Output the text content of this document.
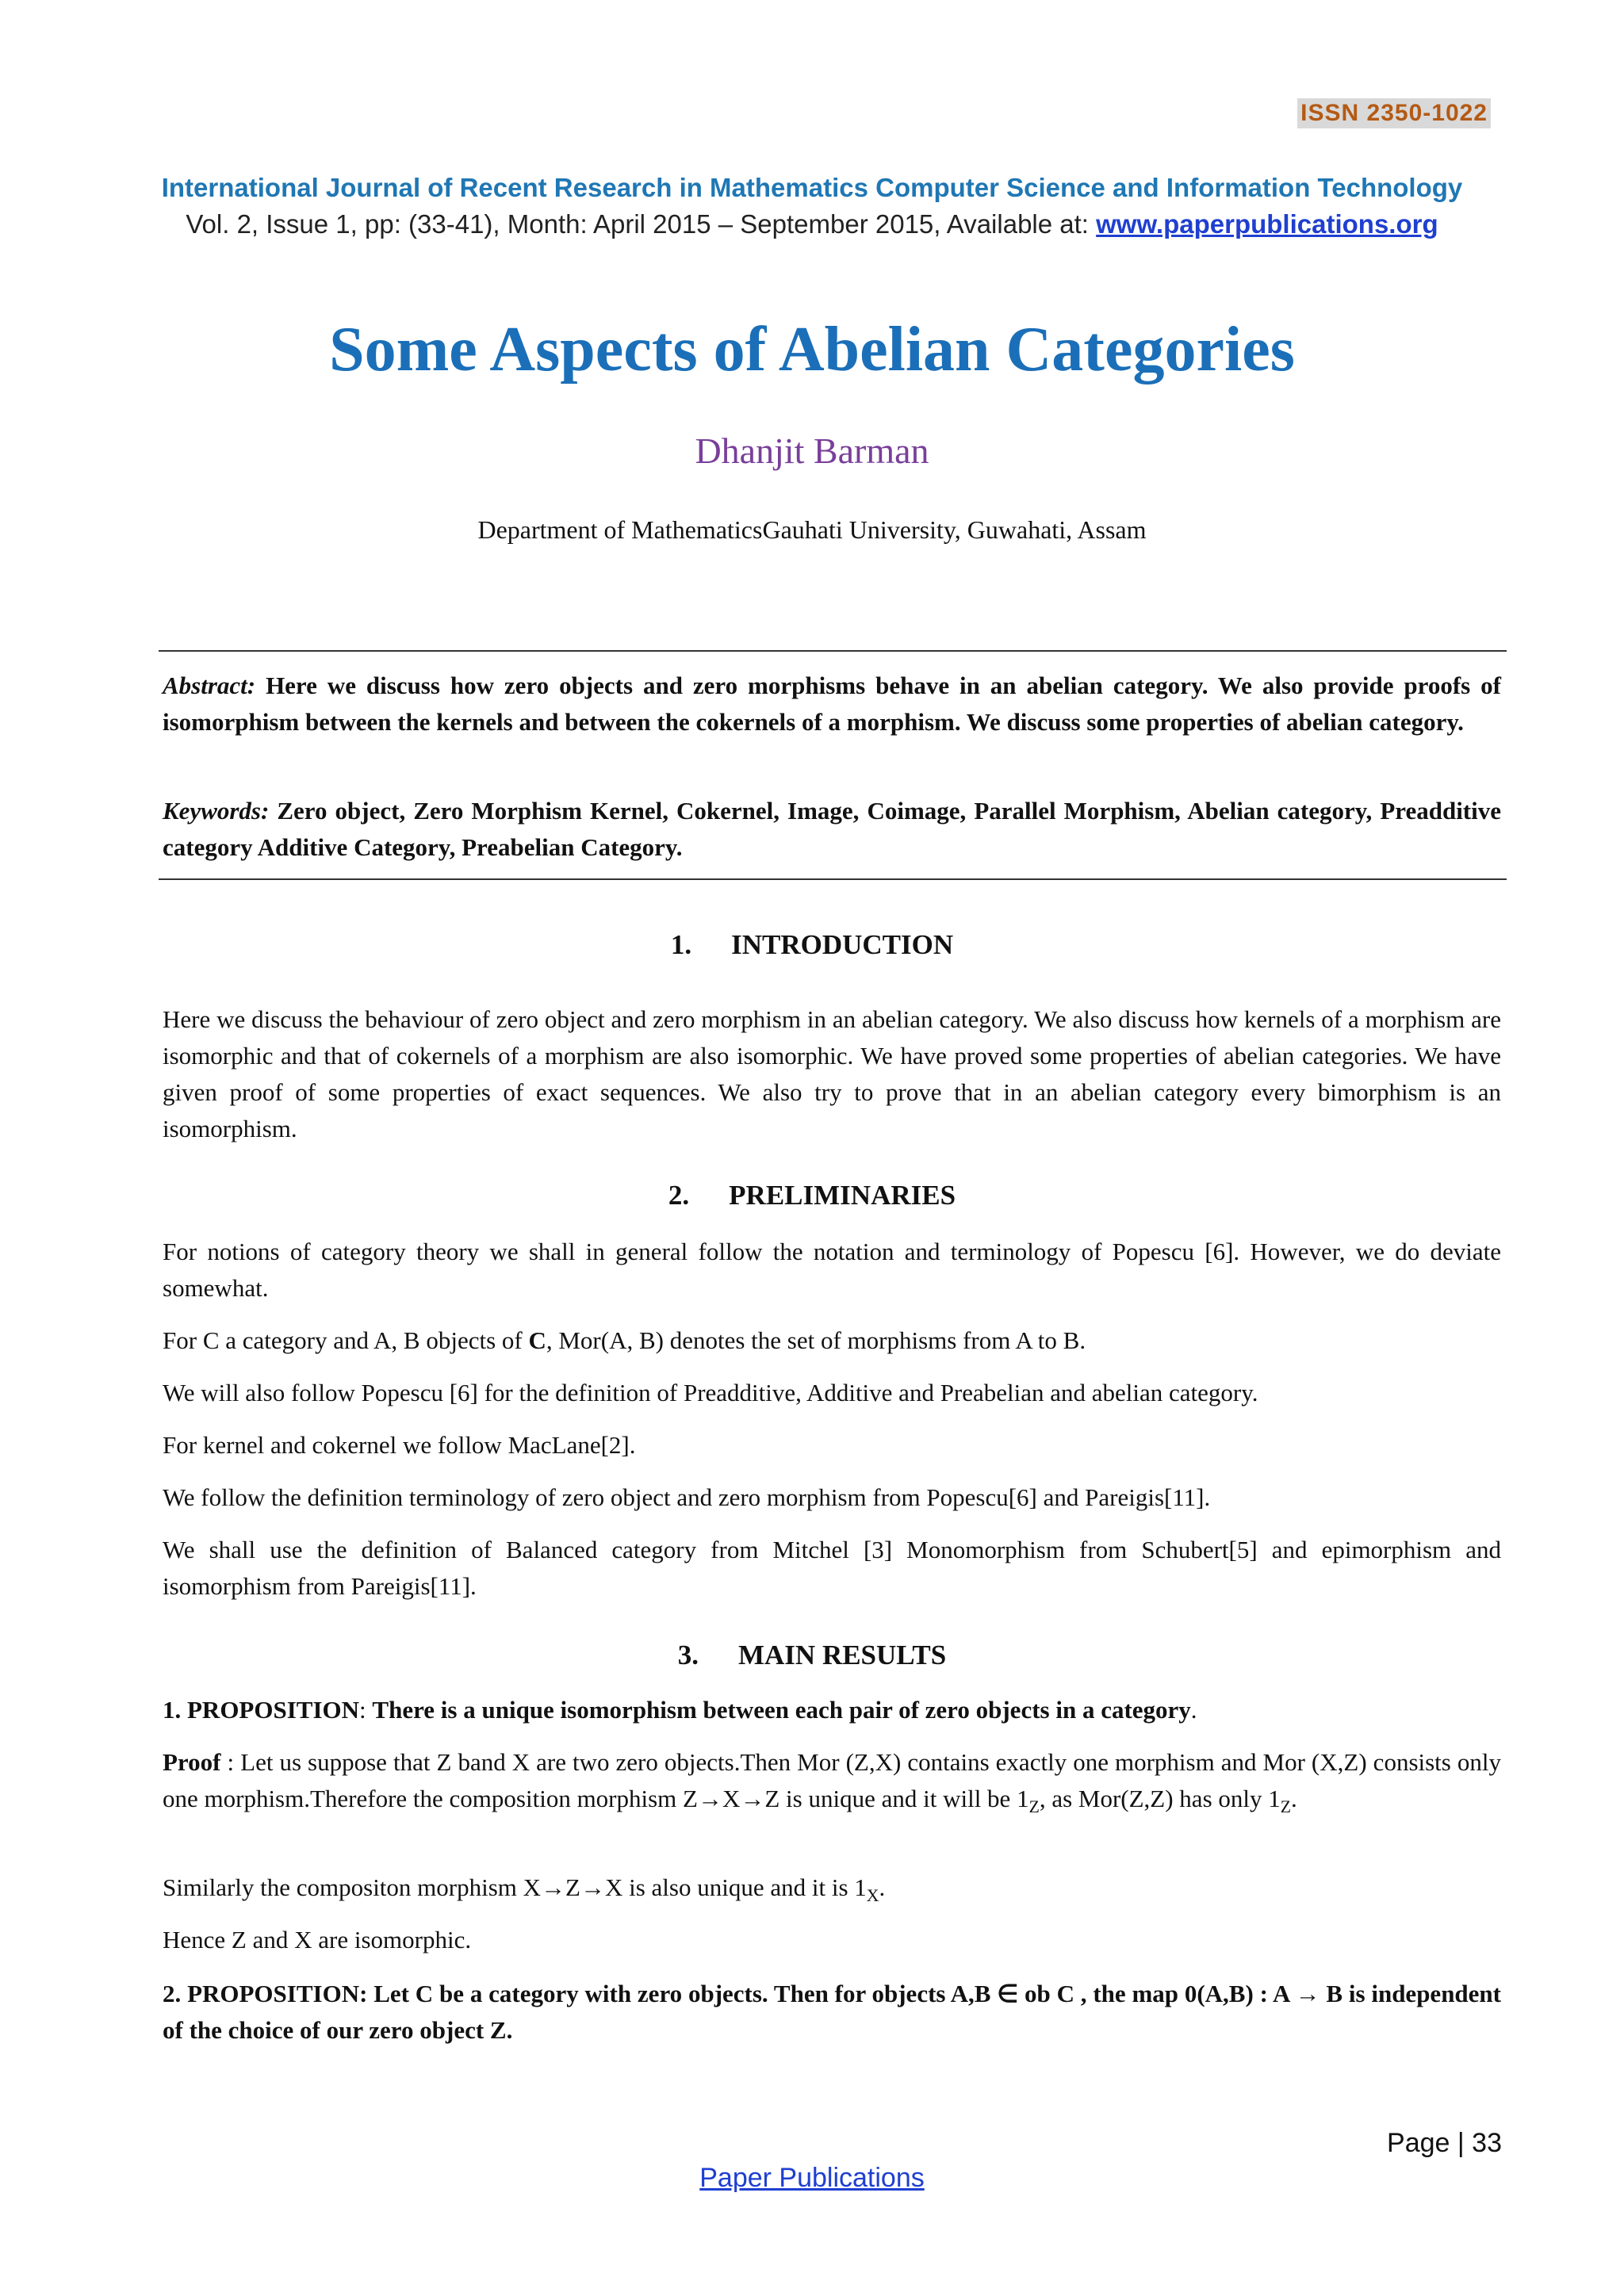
ISSN 2350-1022
International Journal of Recent Research in Mathematics Computer Science and Information Technology
Vol. 2, Issue 1, pp: (33-41), Month: April 2015 – September 2015, Available at: www.paperpublications.org
Some Aspects of Abelian Categories
Dhanjit Barman
Department of MathematicsGauhati University, Guwahati, Assam
Abstract: Here we discuss how zero objects and zero morphisms behave in an abelian category. We also provide proofs of isomorphism between the kernels and between the cokernels of a morphism. We discuss some properties of abelian category.
Keywords: Zero object, Zero Morphism Kernel, Cokernel, Image, Coimage, Parallel Morphism, Abelian category, Preadditive category Additive Category, Preabelian Category.
1. INTRODUCTION
Here we discuss the behaviour of zero object and zero morphism in an abelian category. We also discuss how kernels of a morphism are isomorphic and that of cokernels of a morphism are also isomorphic. We have proved some properties of abelian categories. We have given proof of some properties of exact sequences. We also try to prove that in an abelian category every bimorphism is an isomorphism.
2. PRELIMINARIES
For notions of category theory we shall in general follow the notation and terminology of Popescu [6]. However, we do deviate somewhat.
For C a category and A, B objects of C, Mor(A, B) denotes the set of morphisms from A to B.
We will also follow Popescu [6] for the definition of Preadditive, Additive and Preabelian and abelian category.
For kernel and cokernel we follow MacLane[2].
We follow the definition terminology of zero object and zero morphism from Popescu[6] and Pareigis[11].
We shall use the definition of Balanced category from Mitchel [3] Monomorphism from Schubert[5] and epimorphism and isomorphism from Pareigis[11].
3. MAIN RESULTS
1. PROPOSITION: There is a unique isomorphism between each pair of zero objects in a category.
Proof : Let us suppose that Z band X are two zero objects.Then Mor (Z,X) contains exactly one morphism and Mor (X,Z) consists only one morphism.Therefore the composition morphism Z→X→Z is unique and it will be $1_Z$, as Mor(Z,Z) has only $1_Z$.
Similarly the compositon morphism X→Z→X is also unique and it is $1_X$.
Hence Z and X are isomorphic.
2. PROPOSITION: Let C be a category with zero objects. Then for objects A,B ∈ ob C , the map 0(A,B) : A → B is independent of the choice of our zero object Z.
Page | 33
Paper Publications
